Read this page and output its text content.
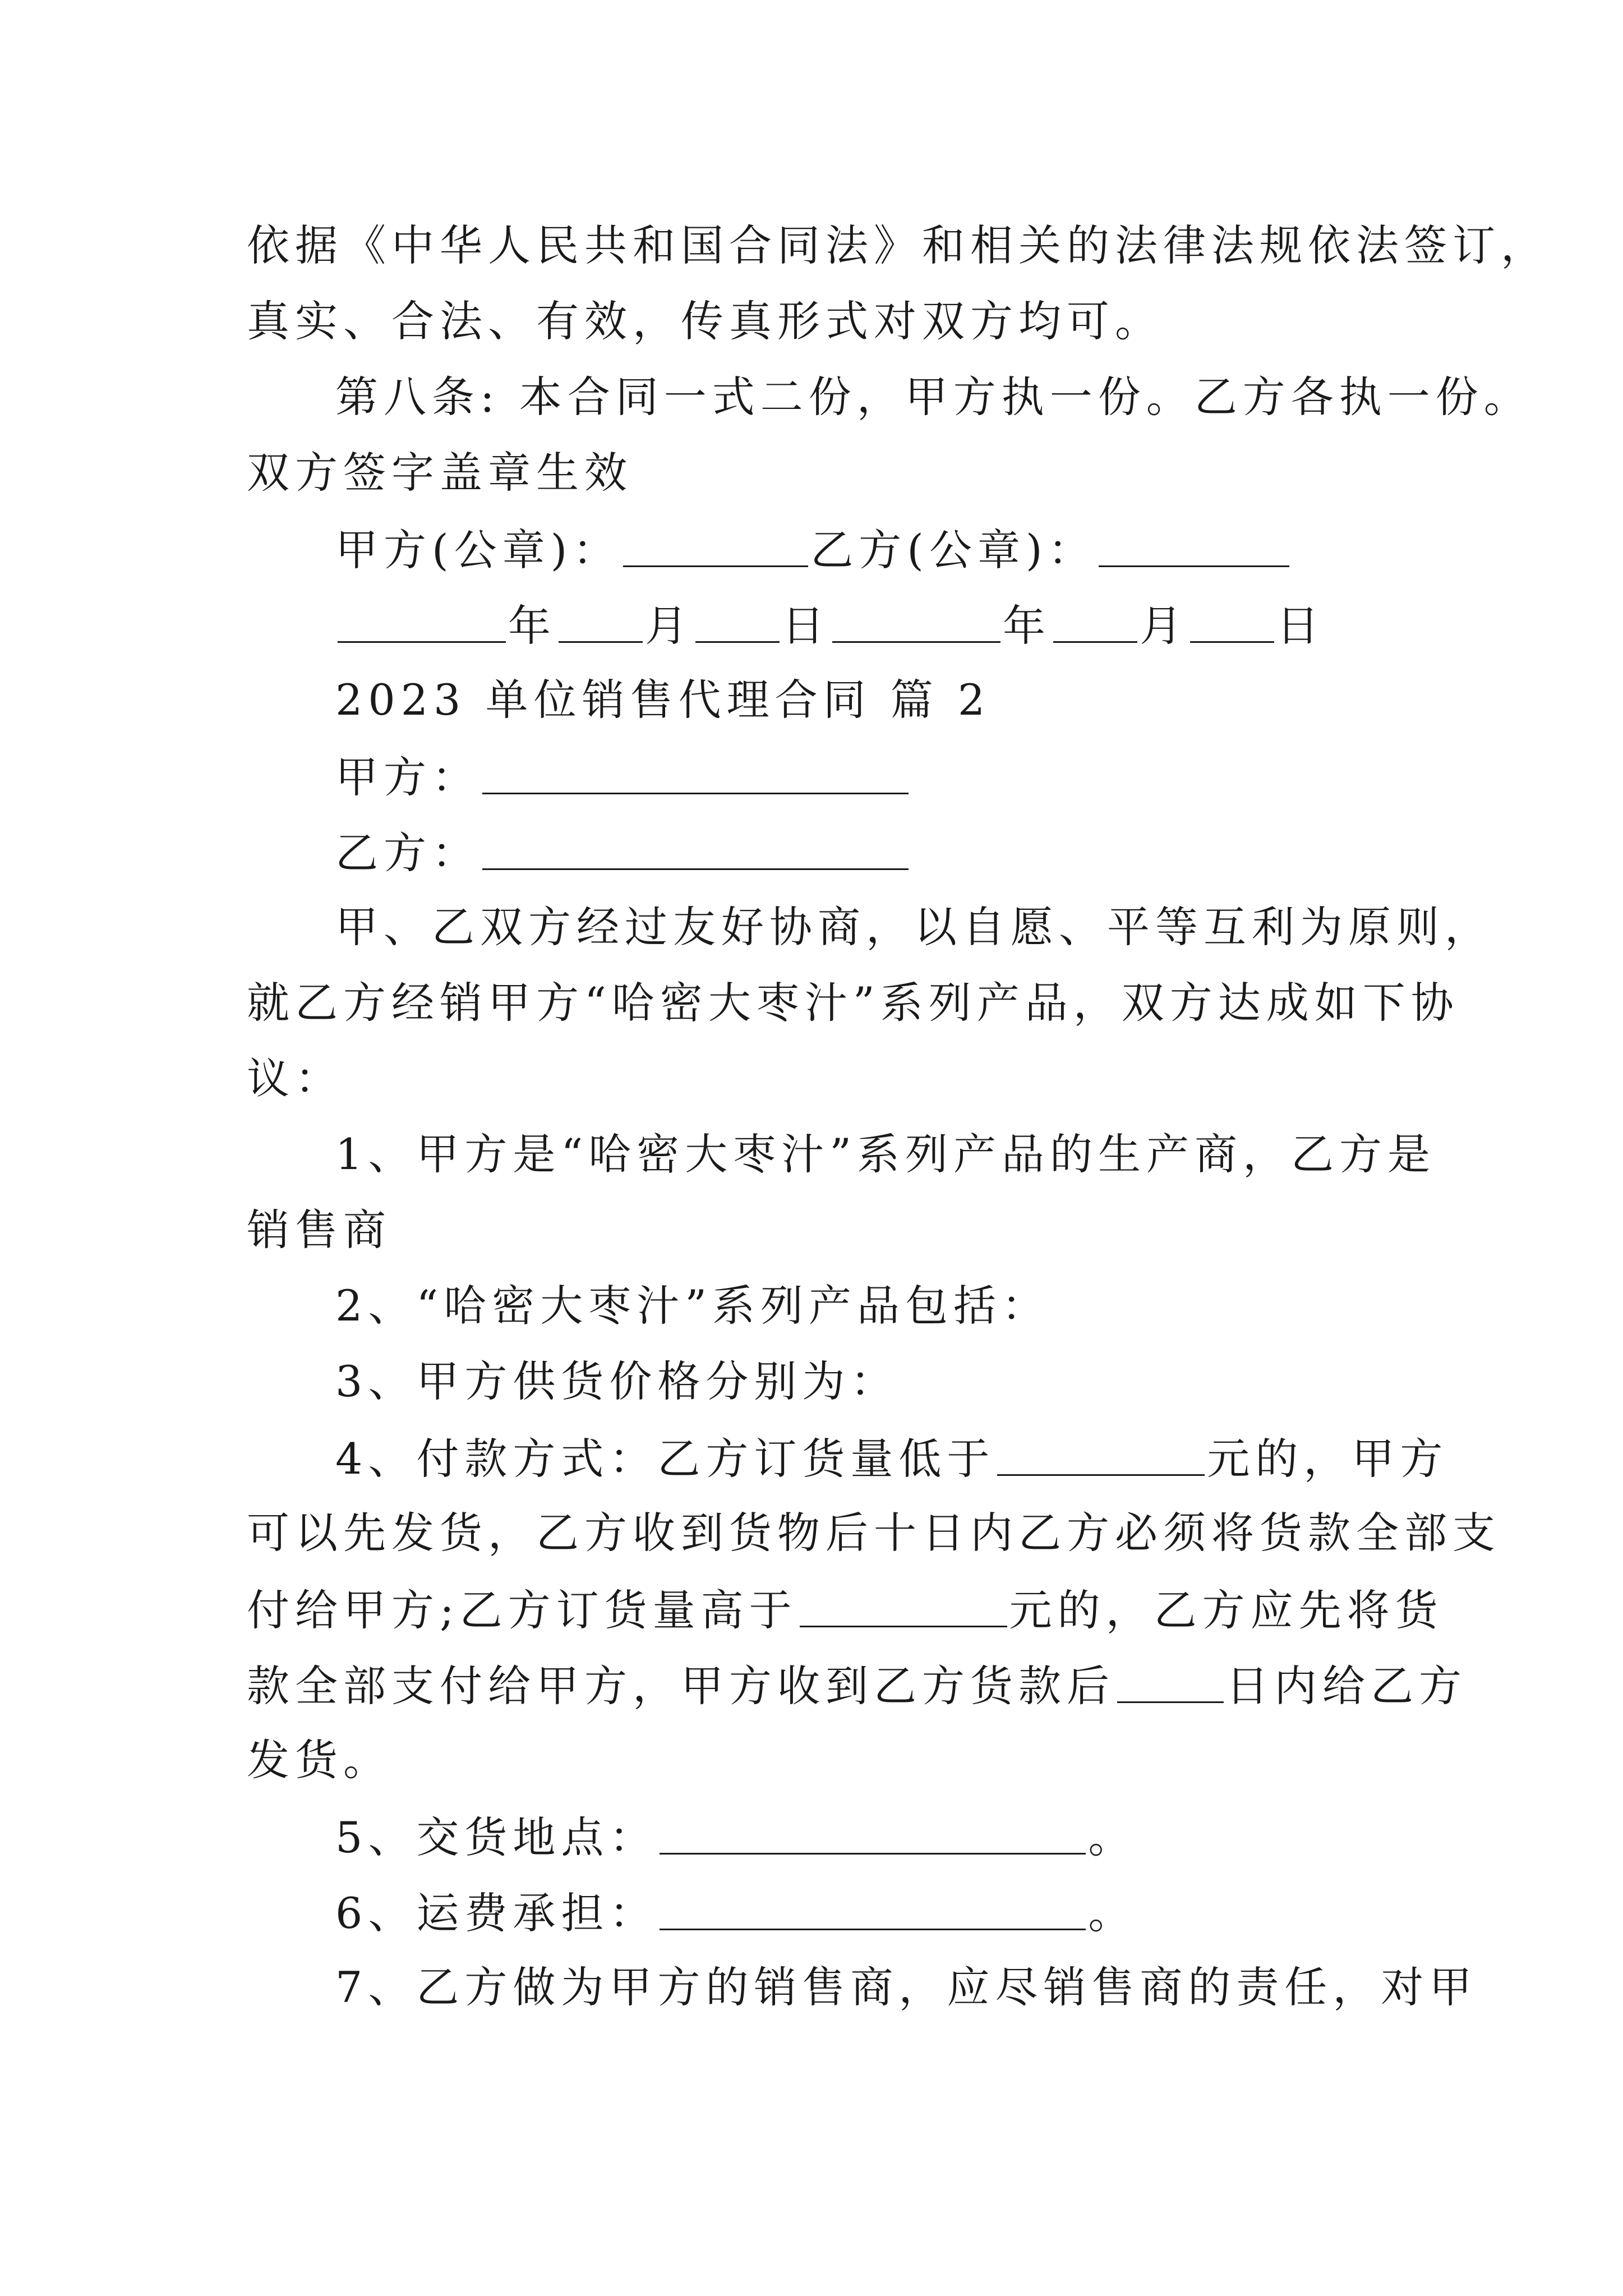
依据《中华人民共和国合同法》和相关的法律法规依法签订，
真实、合法、有效，传真形式对双方均可。
第八条: 本合同一式二份，甲方执一份。乙方各执一份。
双方签字盖章生效
甲方(公章)：	乙方(公章)：
年 月 日	年 月 日
2023 单位销售代理合同 篇 2
甲方：
乙方：
甲、乙双方经过友好协商，以自愿、平等互利为原则，
就乙方经销甲方“哈密大枣汁”系列产品，双方达成如下协
议：
1、甲方是“哈密大枣汁”系列产品的生产商，乙方是
销售商
2、“哈密大枣汁”系列产品包括：
3、甲方供货价格分别为：
4、付款方式：乙方订货量低于	元的，甲方
可以先发货，乙方收到货物后十日内乙方必须将货款全部支
付给甲方;乙方订货量高于	元的，乙方应先将货
款全部支付给甲方，甲方收到乙方货款后	日内给乙方
发货。
5、交货地点：	。
6、运费承担：	。
7、乙方做为甲方的销售商，应尽销售商的责任，对甲
